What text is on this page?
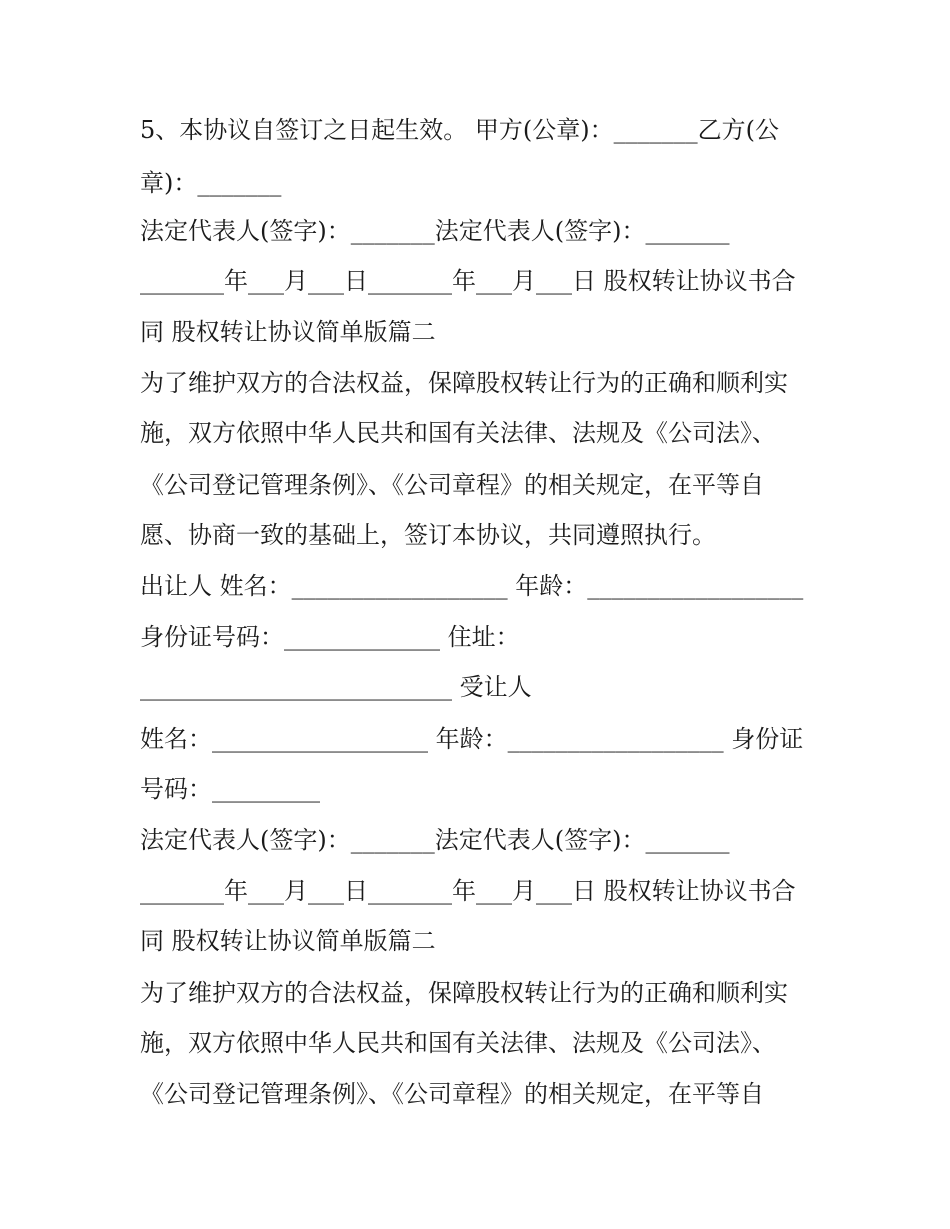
5、本协议自签订之日起生效。 甲方(公章)：_______乙方(公
章)：_______
法定代表人(签字)：_______法定代表人(签字)：_______
_______年___月___日_______年___月___日 股权转让协议书合
同 股权转让协议简单版篇二
为了维护双方的合法权益，保障股权转让行为的正确和顺利实
施，双方依照中华人民共和国有关法律、法规及《公司法》、
《公司登记管理条例》、《公司章程》的相关规定，在平等自
愿、协商一致的基础上，签订本协议，共同遵照执行。
出让人 姓名：__________________ 年龄：__________________
身份证号码：_____________ 住址：
__________________________ 受让人
姓名：__________________ 年龄：__________________ 身份证
号码：_________
法定代表人(签字)：_______法定代表人(签字)：_______
_______年___月___日_______年___月___日 股权转让协议书合
同 股权转让协议简单版篇二
为了维护双方的合法权益，保障股权转让行为的正确和顺利实
施，双方依照中华人民共和国有关法律、法规及《公司法》、
《公司登记管理条例》、《公司章程》的相关规定，在平等自
